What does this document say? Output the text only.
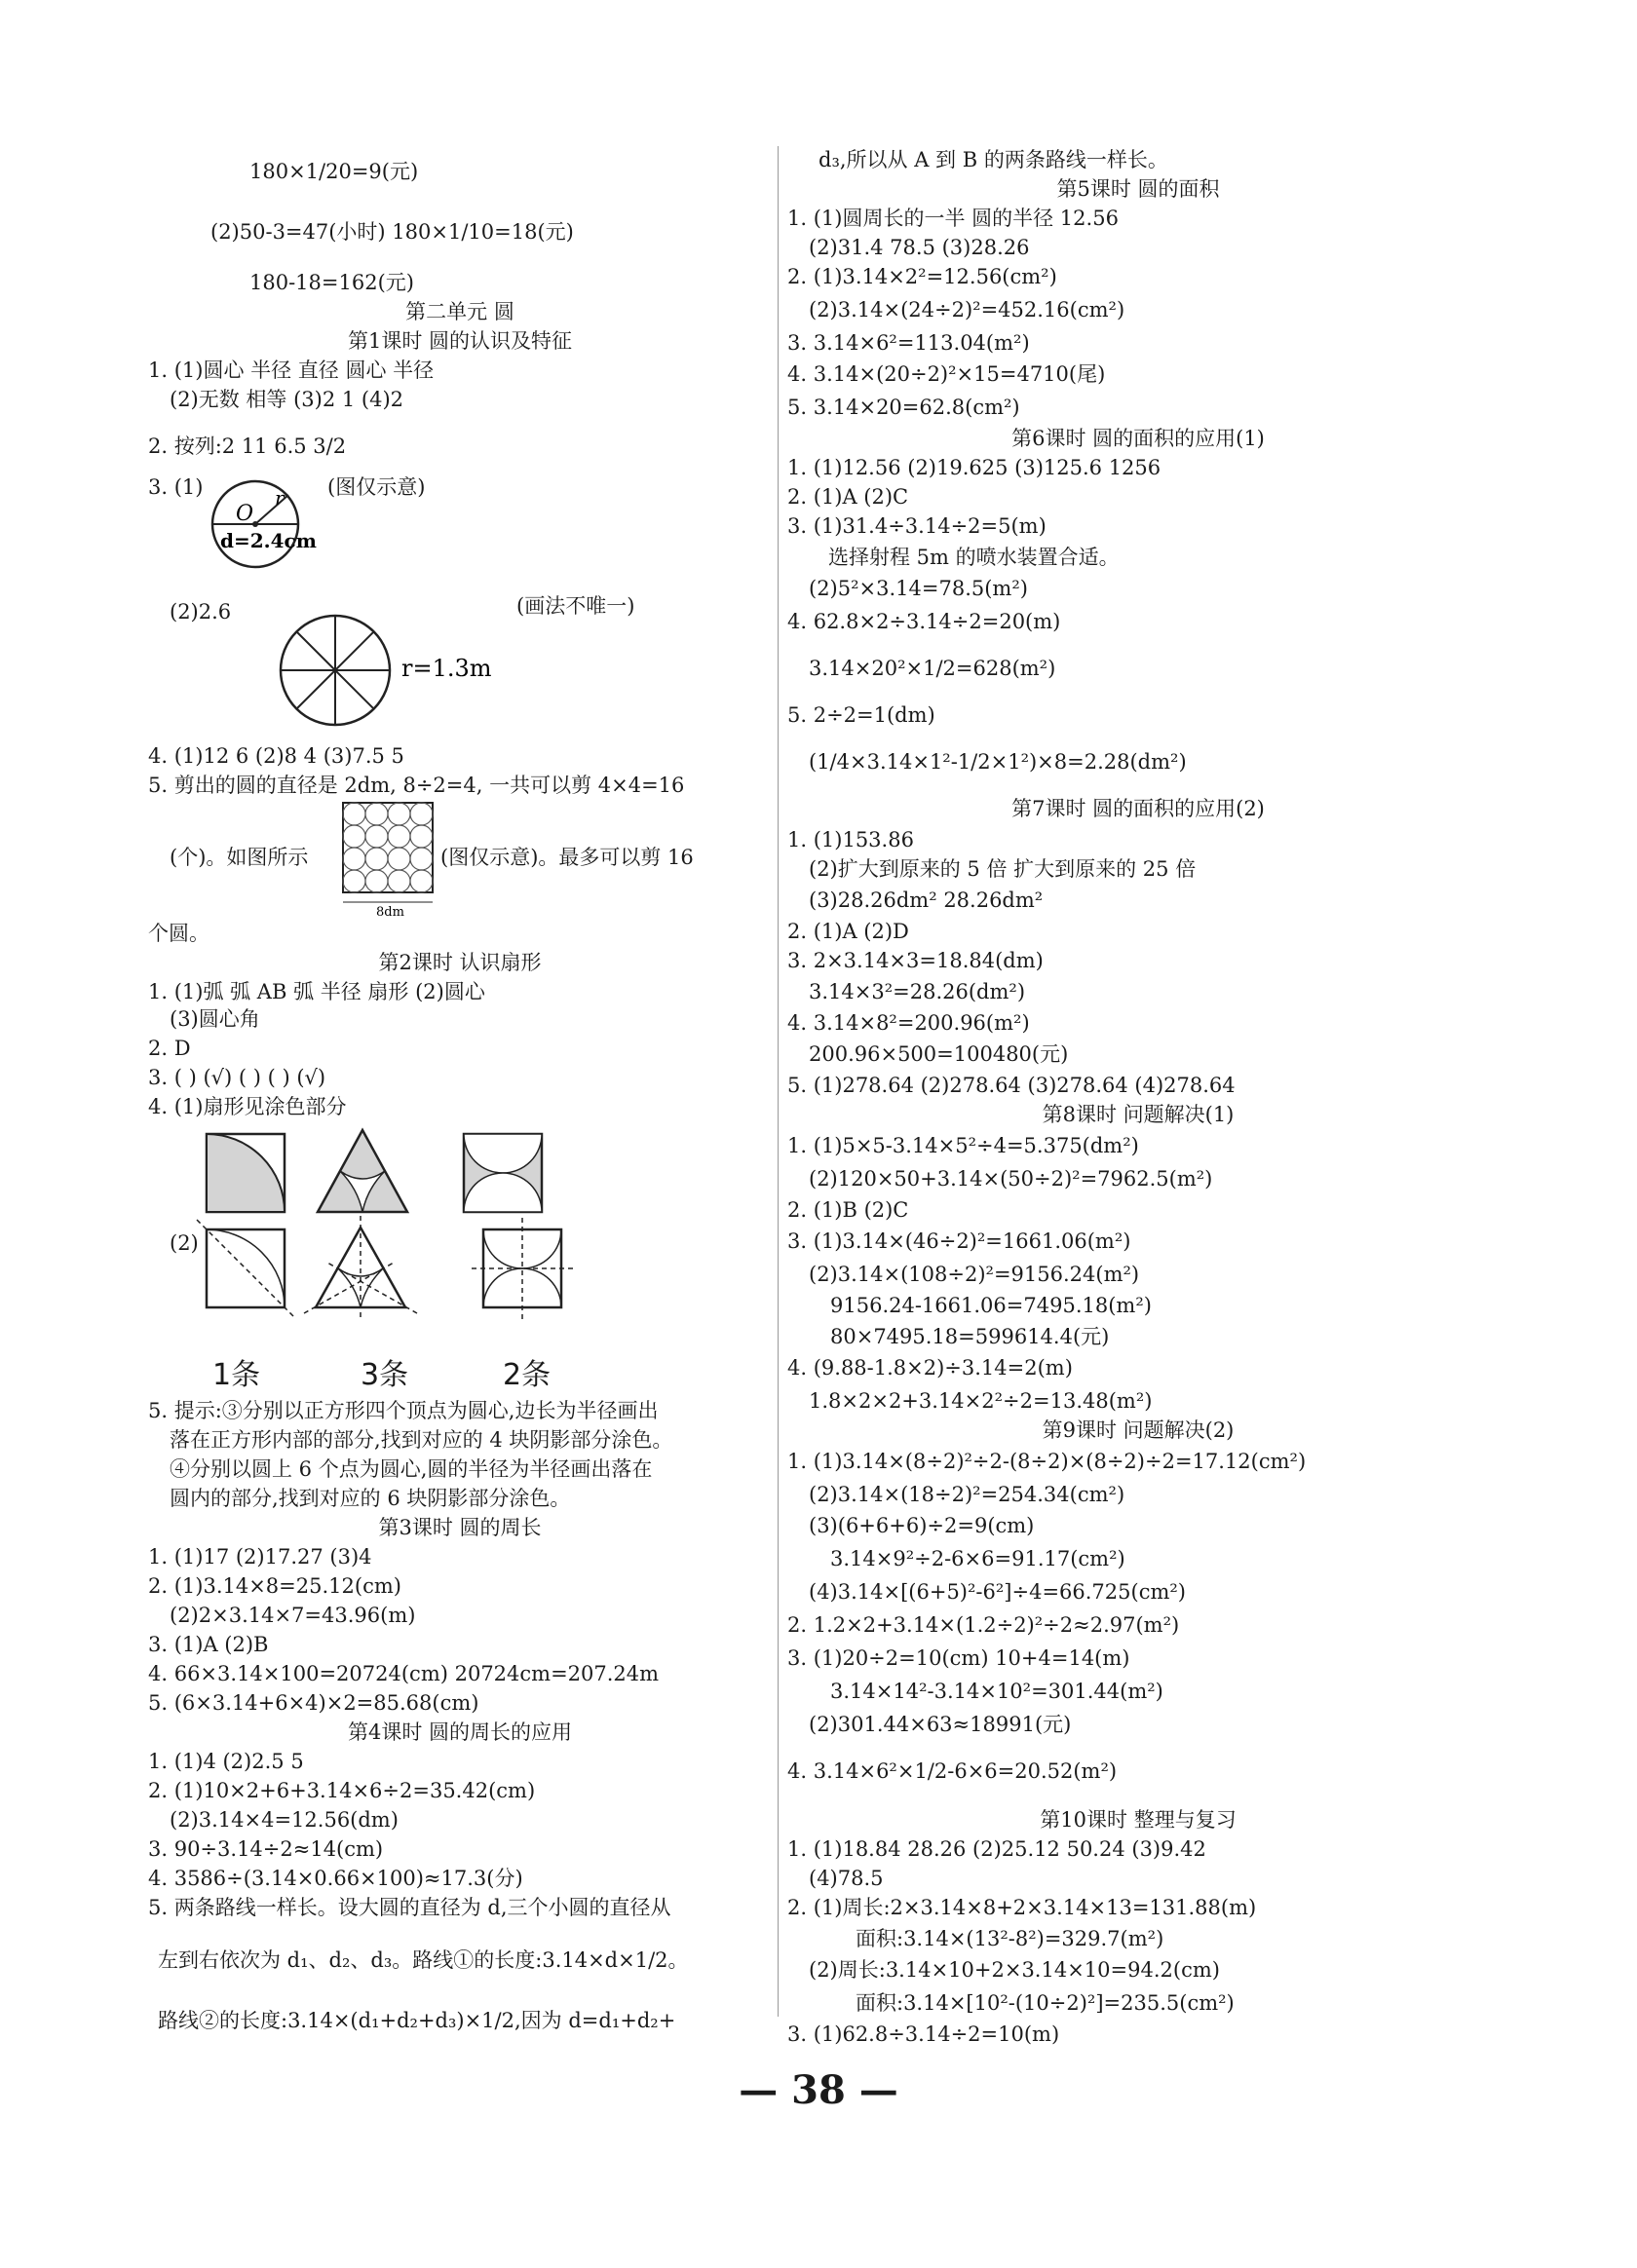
180×1/20=9(元)
(2)50-3=47(小时) 180×1/10=18(元)
180-18=162(元)
第二单元 圆
第1课时 圆的认识及特征
1. (1)圆心 半径 直径 圆心 半径
(2)无数 相等 (3)2 1 (4)2
2. 按列:2 11 6.5 3/2
3. (1)	(图仅示意)
O
r
d=2.4cm
(2)2.6	(画法不唯一)
r=1.3m
4. (1)12 6 (2)8 4 (3)7.5 5
5. 剪出的圆的直径是 2dm, 8÷2=4, 一共可以剪 4×4=16
(个)。如图所示	(图仅示意)。最多可以剪 16
8dm
个圆。
第2课时 认识扇形
1. (1)弧 弧 AB 弧 半径 扇形 (2)圆心
(3)圆心角
2. D
3. ( ) (√) ( ) ( ) (√)
4. (1)扇形见涂色部分
(2)
1条	3条	2条
5. 提示:③分别以正方形四个顶点为圆心,边长为半径画出
落在正方形内部的部分,找到对应的 4 块阴影部分涂色。
④分别以圆上 6 个点为圆心,圆的半径为半径画出落在
圆内的部分,找到对应的 6 块阴影部分涂色。
第3课时 圆的周长
1. (1)17 (2)17.27 (3)4
2. (1)3.14×8=25.12(cm)
(2)2×3.14×7=43.96(m)
3. (1)A (2)B
4. 66×3.14×100=20724(cm) 20724cm=207.24m
5. (6×3.14+6×4)×2=85.68(cm)
第4课时 圆的周长的应用
1. (1)4 (2)2.5 5
2. (1)10×2+6+3.14×6÷2=35.42(cm)
(2)3.14×4=12.56(dm)
3. 90÷3.14÷2≈14(cm)
4. 3586÷(3.14×0.66×100)≈17.3(分)
5. 两条路线一样长。设大圆的直径为 d,三个小圆的直径从
左到右依次为 d₁、d₂、d₃。路线①的长度:3.14×d×1/2。
路线②的长度:3.14×(d₁+d₂+d₃)×1/2,因为 d=d₁+d₂+
d₃,所以从 A 到 B 的两条路线一样长。
第5课时 圆的面积
1. (1)圆周长的一半 圆的半径 12.56
(2)31.4 78.5 (3)28.26
2. (1)3.14×2²=12.56(cm²)
(2)3.14×(24÷2)²=452.16(cm²)
3. 3.14×6²=113.04(m²)
4. 3.14×(20÷2)²×15=4710(尾)
5. 3.14×20=62.8(cm²)
第6课时 圆的面积的应用(1)
1. (1)12.56 (2)19.625 (3)125.6 1256
2. (1)A (2)C
3. (1)31.4÷3.14÷2=5(m)
选择射程 5m 的喷水装置合适。
(2)5²×3.14=78.5(m²)
4. 62.8×2÷3.14÷2=20(m)
3.14×20²×1/2=628(m²)
5. 2÷2=1(dm)
(1/4×3.14×1²-1/2×1²)×8=2.28(dm²)
第7课时 圆的面积的应用(2)
1. (1)153.86
(2)扩大到原来的 5 倍 扩大到原来的 25 倍
(3)28.26dm² 28.26dm²
2. (1)A (2)D
3. 2×3.14×3=18.84(dm)
3.14×3²=28.26(dm²)
4. 3.14×8²=200.96(m²)
200.96×500=100480(元)
5. (1)278.64 (2)278.64 (3)278.64 (4)278.64
第8课时 问题解决(1)
1. (1)5×5-3.14×5²÷4=5.375(dm²)
(2)120×50+3.14×(50÷2)²=7962.5(m²)
2. (1)B (2)C
3. (1)3.14×(46÷2)²=1661.06(m²)
(2)3.14×(108÷2)²=9156.24(m²)
9156.24-1661.06=7495.18(m²)
80×7495.18=599614.4(元)
4. (9.88-1.8×2)÷3.14=2(m)
1.8×2×2+3.14×2²÷2=13.48(m²)
第9课时 问题解决(2)
1. (1)3.14×(8÷2)²÷2-(8÷2)×(8÷2)÷2=17.12(cm²)
(2)3.14×(18÷2)²=254.34(cm²)
(3)(6+6+6)÷2=9(cm)
3.14×9²÷2-6×6=91.17(cm²)
(4)3.14×[(6+5)²-6²]÷4=66.725(cm²)
2. 1.2×2+3.14×(1.2÷2)²÷2≈2.97(m²)
3. (1)20÷2=10(cm) 10+4=14(m)
3.14×14²-3.14×10²=301.44(m²)
(2)301.44×63≈18991(元)
4. 3.14×6²×1/2-6×6=20.52(m²)
第10课时 整理与复习
1. (1)18.84 28.26 (2)25.12 50.24 (3)9.42
(4)78.5
2. (1)周长:2×3.14×8+2×3.14×13=131.88(m)
面积:3.14×(13²-8²)=329.7(m²)
(2)周长:3.14×10+2×3.14×10=94.2(cm)
面积:3.14×[10²-(10÷2)²]=235.5(cm²)
3. (1)62.8÷3.14÷2=10(m)
— 38 —
